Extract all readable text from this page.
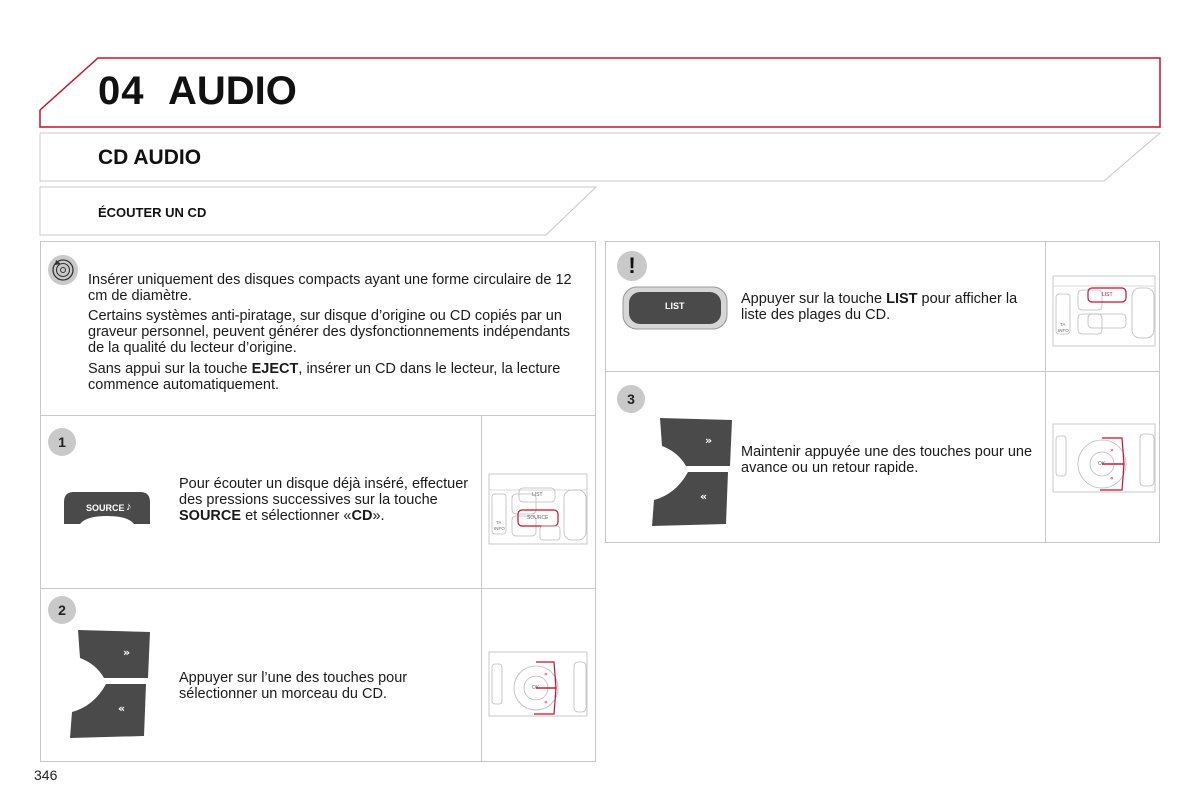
04 AUDIO
CD AUDIO
ÉCOUTER UN CD
Insérer uniquement des disques compacts ayant une forme circulaire de 12 cm de diamètre.
Certains systèmes anti-piratage, sur disque d’origine ou CD copiés par un graveur personnel, peuvent générer des dysfonctionnements indépendants de la qualité du lecteur d’origine.
Sans appui sur la touche EJECT, insérer un CD dans le lecteur, la lecture commence automatiquement.
1
SOURCE ♪
Pour écouter un disque déjà inséré, effectuer des pressions successives sur la touche SOURCE et sélectionner «CD».
LIST
SOURCE
TA
INFO
2
»
«
Appuyer sur l’une des touches pour sélectionner un morceau du CD.
»
«
OK
!
LIST	Appuyer sur la touche LIST pour afficher la liste des plages du CD.
LIST
TA
INFO
3
»
«
Maintenir appuyée une des touches pour une avance ou un retour rapide.
»
«
OK
346
